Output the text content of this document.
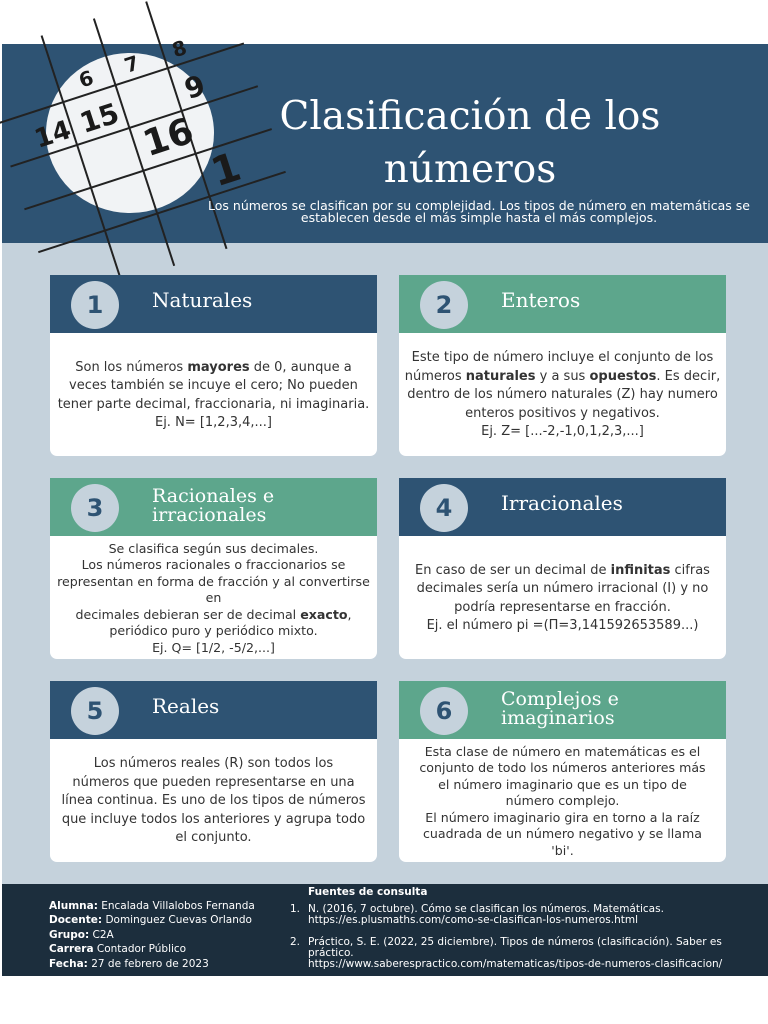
6
7
8
14 15 16
9
1
Clasificación de los números
Los números se clasifican por su complejidad. Los tipos de número en matemáticas se establecen desde el más simple hasta el más complejos.
1	Naturales

Son los números mayores de 0, aunque a
veces también se incuye el cero; No pueden
tener parte decimal, fraccionaria, ni imaginaria.
Ej. N= [1,2,3,4,...]

2	Enteros

Este tipo de número incluye el conjunto de los
números naturales y a sus opuestos. Es decir,
dentro de los número naturales (Z) hay numero
enteros positivos y negativos.
Ej. Z= [...-2,-1,0,1,2,3,...]

3	Racionales e irracionales

Se clasifica según sus decimales.
Los números racionales o fraccionarios se
representan en forma de fracción y al convertirse en
decimales debieran ser de decimal exacto,
periódico puro y periódico mixto.
Ej. Q= [1/2, -5/2,...]

4	Irracionales

En caso de ser un decimal de infinitas cifras
decimales sería un número irracional (I) y no
podría representarse en fracción.
Ej. el número pi =(Π=3,141592653589...)

5	Reales

Los números reales (R) son todos los
números que pueden representarse en una
línea continua. Es uno de los tipos de números
que incluye todos los anteriores y agrupa todo
el conjunto.

6	Complejos e imaginarios

Esta clase de número en matemáticas es el
conjunto de todo los números anteriores más
el número imaginario que es un tipo de
número complejo.
El número imaginario gira en torno a la raíz
cuadrada de un número negativo y se llama
'bi'.

Alumna: Encalada Villalobos Fernanda
Docente: Dominguez Cuevas Orlando
Grupo: C2A
Carrera Contador Público
Fecha: 27 de febrero de 2023
Fuentes de consulta
1. N. (2016, 7 octubre). Cómo se clasifican los números. Matemáticas.
https://es.plusmaths.com/como-se-clasifican-los-numeros.html
2. Práctico, S. E. (2022, 25 diciembre). Tipos de números (clasificación). Saber es práctico.
https://www.saberespractico.com/matematicas/tipos-de-numeros-clasificacion/
